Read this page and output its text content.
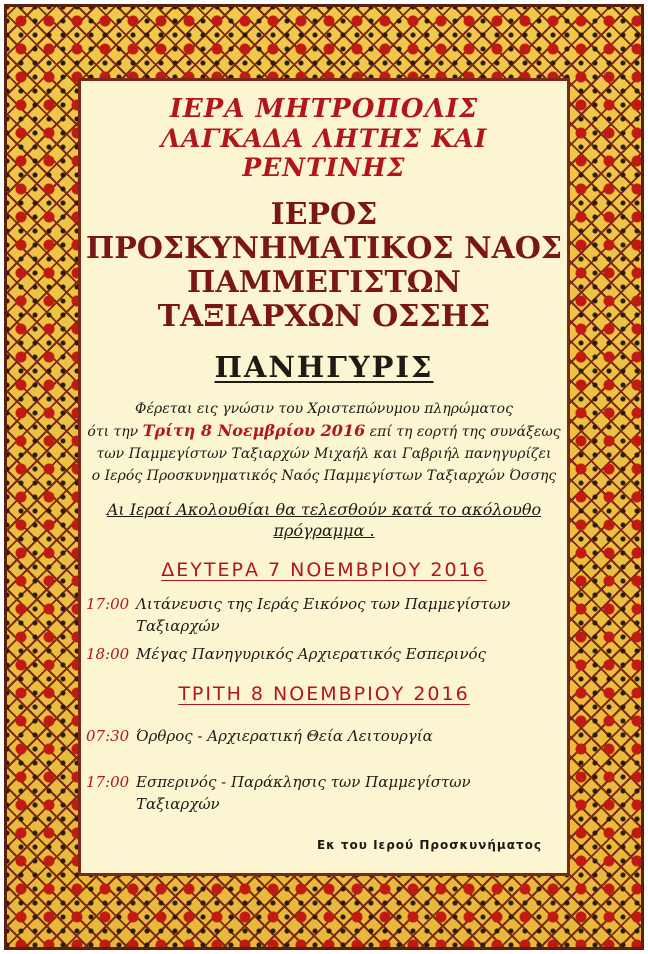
ΙΕΡΑ ΜΗΤΡΟΠΟΛΙΣ
ΛΑΓΚΑΔΑ ΛΗΤΗΣ ΚΑΙ ΡΕΝΤΙΝΗΣ
ΙΕΡΟΣ ΠΡΟΣΚΥΝΗΜΑΤΙΚΟΣ ΝΑΟΣ
ΠΑΜΜΕΓΙΣΤΩΝ ΤΑΞΙΑΡΧΩΝ ΟΣΣΗΣ
ΠΑΝΗΓΥΡΙΣ
Φέρεται εις γνώσιν του Χριστεπώνυμου πληρώματος
ότι την Τρίτη 8 Νοεμβρίου 2016 επί τη εορτή της συνάξεως
των Παμμεγίστων Ταξιαρχών Μιχαήλ και Γαβριήλ πανηγυρίζει
ο Ιερός Προσκυνηματικός Ναός Παμμεγίστων Ταξιαρχών Όσσης
Αι Ιεραί Ακολουθίαι θα τελεσθούν κατά το ακόλουθο
πρόγραμμα .
ΔΕΥΤΕΡΑ 7 ΝΟΕΜΒΡΙΟΥ 2016
17:00 Λιτάνευσις της Ιεράς Εικόνος των Παμμεγίστων Ταξιαρχών
18:00 Μέγας Πανηγυρικός Αρχιερατικός Εσπερινός
ΤΡΙΤΗ 8 ΝΟΕΜΒΡΙΟΥ 2016
07:30 Όρθρος - Αρχιερατική Θεία Λειτουργία
17:00 Εσπερινός - Παράκλησις των Παμμεγίστων Ταξιαρχών
Εκ του Ιερού Προσκυνήματος
